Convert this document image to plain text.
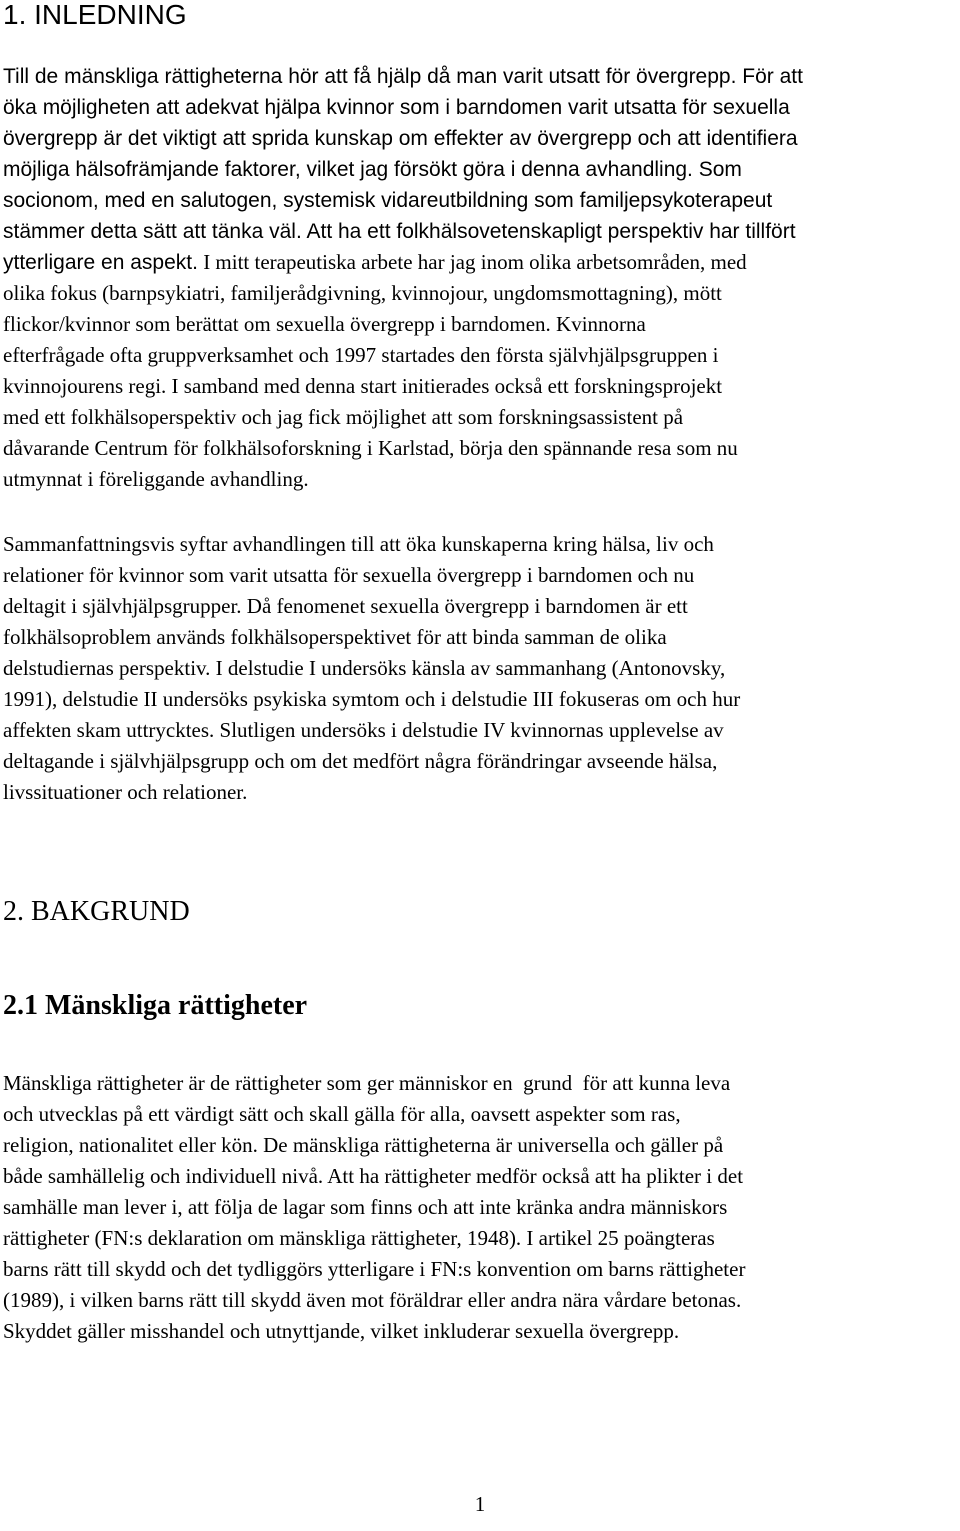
1. INLEDNING
Till de mänskliga rättigheterna hör att få hjälp då man varit utsatt för övergrepp. För att
öka möjligheten att adekvat hjälpa kvinnor som i barndomen varit utsatta för sexuella
övergrepp är det viktigt att sprida kunskap om effekter av övergrepp och att identifiera
möjliga hälsofrämjande faktorer, vilket jag försökt göra i denna avhandling. Som
socionom, med en salutogen, systemisk vidareutbildning som familjepsykoterapeut
stämmer detta sätt att tänka väl. Att ha ett folkhälsovetenskapligt perspektiv har tillfört
ytterligare en aspekt. I mitt terapeutiska arbete har jag inom olika arbetsområden, med
olika fokus (barnpsykiatri, familjerådgivning, kvinnojour, ungdomsmottagning), mött
flickor/kvinnor som berättat om sexuella övergrepp i barndomen. Kvinnorna
efterfrågade ofta gruppverksamhet och 1997 startades den första självhjälpsgruppen i
kvinnojourens regi. I samband med denna start initierades också ett forskningsprojekt
med ett folkhälsoperspektiv och jag fick möjlighet att som forskningsassistent på
dåvarande Centrum för folkhälsoforskning i Karlstad, börja den spännande resa som nu
utmynnat i föreliggande avhandling.
Sammanfattningsvis syftar avhandlingen till att öka kunskaperna kring hälsa, liv och
relationer för kvinnor som varit utsatta för sexuella övergrepp i barndomen och nu
deltagit i självhjälpsgrupper. Då fenomenet sexuella övergrepp i barndomen är ett
folkhälsoproblem används folkhälsoperspektivet för att binda samman de olika
delstudiernas perspektiv. I delstudie I undersöks känsla av sammanhang (Antonovsky,
1991), delstudie II undersöks psykiska symtom och i delstudie III fokuseras om och hur
affekten skam uttrycktes. Slutligen undersöks i delstudie IV kvinnornas upplevelse av
deltagande i självhjälpsgrupp och om det medfört några förändringar avseende hälsa,
livssituationer och relationer.
2. BAKGRUND
2.1 Mänskliga rättigheter
Mänskliga rättigheter är de rättigheter som ger människor en  grund  för att kunna leva
och utvecklas på ett värdigt sätt och skall gälla för alla, oavsett aspekter som ras,
religion, nationalitet eller kön. De mänskliga rättigheterna är universella och gäller på
både samhällelig och individuell nivå. Att ha rättigheter medför också att ha plikter i det
samhälle man lever i, att följa de lagar som finns och att inte kränka andra människors
rättigheter (FN:s deklaration om mänskliga rättigheter, 1948). I artikel 25 poängteras
barns rätt till skydd och det tydliggörs ytterligare i FN:s konvention om barns rättigheter
(1989), i vilken barns rätt till skydd även mot föräldrar eller andra nära vårdare betonas.
Skyddet gäller misshandel och utnyttjande, vilket inkluderar sexuella övergrepp.
1
